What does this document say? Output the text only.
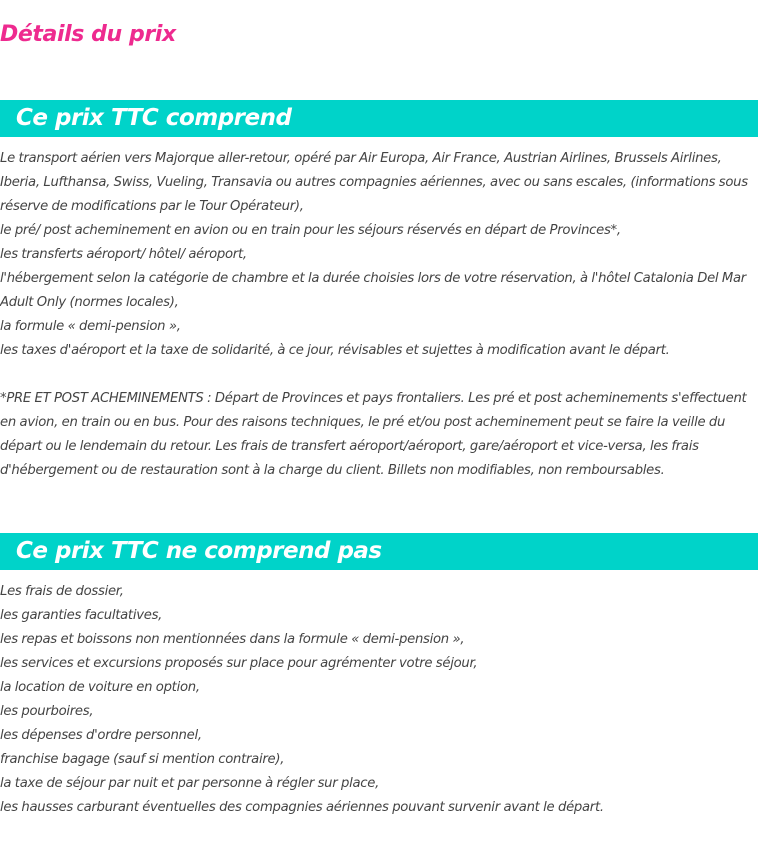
Détails du prix
Ce prix TTC comprend
Le transport aérien vers Majorque aller-retour, opéré par Air Europa, Air France, Austrian Airlines, Brussels Airlines, Iberia, Lufthansa, Swiss, Vueling, Transavia ou autres compagnies aériennes, avec ou sans escales, (informations sous réserve de modifications par le Tour Opérateur),
le pré/ post acheminement en avion ou en train pour les séjours réservés en départ de Provinces*,
les transferts aéroport/ hôtel/ aéroport,
l'hébergement selon la catégorie de chambre et la durée choisies lors de votre réservation, à l'hôtel Catalonia Del Mar Adult Only (normes locales),
la formule « demi-pension »,
les taxes d'aéroport et la taxe de solidarité, à ce jour, révisables et sujettes à modification avant le départ.
*PRE ET POST ACHEMINEMENTS : Départ de Provinces et pays frontaliers. Les pré et post acheminements s'effectuent en avion, en train ou en bus. Pour des raisons techniques, le pré et/ou post acheminement peut se faire la veille du départ ou le lendemain du retour. Les frais de transfert aéroport/aéroport, gare/aéroport et vice-versa, les frais d'hébergement ou de restauration sont à la charge du client. Billets non modifiables, non remboursables.
Ce prix TTC ne comprend pas
Les frais de dossier,
les garanties facultatives,
les repas et boissons non mentionnées dans la formule « demi-pension »,
les services et excursions proposés sur place pour agrémenter votre séjour,
la location de voiture en option,
les pourboires,
les dépenses d'ordre personnel,
franchise bagage (sauf si mention contraire),
la taxe de séjour par nuit et par personne à régler sur place,
les hausses carburant éventuelles des compagnies aériennes pouvant survenir avant le départ.
